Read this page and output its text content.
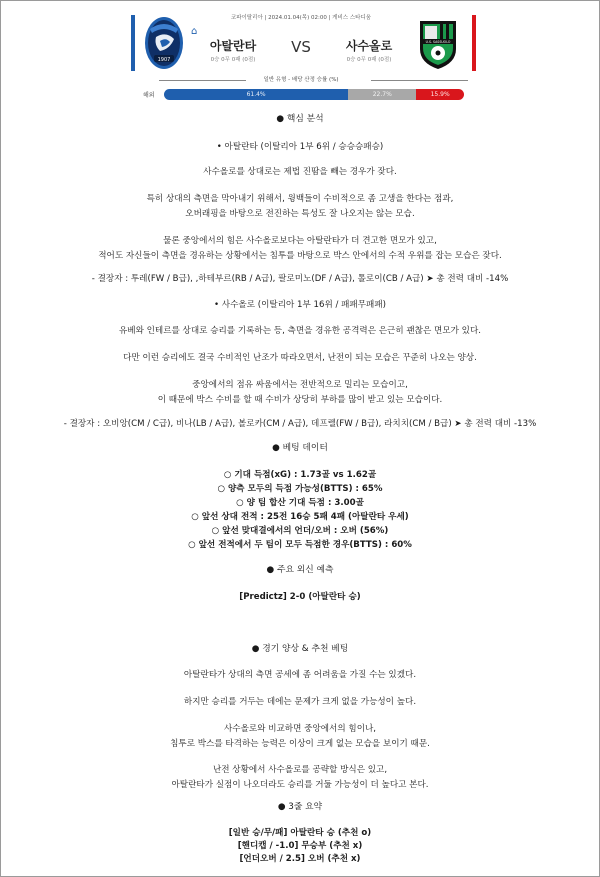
1907
⌂
코파이탈리아 | 2024.01.04(목) 02:00 | 게비스 스타디움
아탈란타	VS	사수올로
0승 0무 0패 (0점)	0승 0무 0패 (0점)
U.S. SASSUOLO
일반 유형 - 배당 산정 승률 (%)
해외	61.4%	22.7%	15.9%
● 핵심 분석
• 아탈란타 (이탈리아 1부 6위 / 승승승패승)
사수올로를 상대로는 제법 진땀을 빼는 경우가 잦다.
특히 상대의 측면을 막아내기 위해서, 윙백들이 수비적으로 좀 고생을 한다는 점과,
오버래핑을 바탕으로 전진하는 특성도 잘 나오지는 않는 모습.
물론 중앙에서의 힘은 사수올로보다는 아탈란타가 더 견고한 면모가 있고,
적어도 자신들이 측면을 경유하는 상황에서는 침투를 바탕으로 박스 안에서의 수적 우위를 잡는 모습은 잦다.
- 결장자 : 투레(FW / B급), ,하테부르(RB / A급), 팔로미노(DF / A급), 톨로이(CB / A급) ➤ 총 전력 대비 -14%
• 사수올로 (이탈리아 1부 16위 / 패패무패패)
유베와 인테르를 상대로 승리를 기록하는 등, 측면을 경유한 공격력은 은근히 괜찮은 면모가 있다.
다만 이런 승리에도 결국 수비적인 난조가 따라오면서, 난전이 되는 모습은 꾸준히 나오는 양상.
중앙에서의 점유 싸움에서는 전반적으로 밀리는 모습이고,
이 때문에 박스 수비를 할 때 수비가 상당히 부하를 많이 받고 있는 모습이다.
- 결장자 : 오비앙(CM / C급), 비나(LB / A급), 볼로카(CM / A급), 데프렐(FW / B급), 라치치(CM / B급) ➤ 총 전력 대비 -13%
● 베팅 데이터
○ 기대 득점(xG) : 1.73골 vs 1.62골
○ 양측 모두의 득점 가능성(BTTS) : 65%
○ 양 팀 합산 기대 득점 : 3.00골
○ 앞선 상대 전적 : 25전 16승 5패 4패 (아탈란타 우세)
○ 앞선 맞대결에서의 언더/오버 : 오버 (56%)
○ 앞선 전적에서 두 팀이 모두 득점한 경우(BTTS) : 60%
● 주요 외신 예측
[Predictz] 2-0 (아탈란타 승)
● 경기 양상 & 추천 베팅
아탈란타가 상대의 측면 공세에 좀 어려움을 가질 수는 있겠다.
하지만 승리를 거두는 데에는 문제가 크게 없을 가능성이 높다.
사수올로와 비교하면 중앙에서의 힘이나,
침투로 박스를 타격하는 능력은 이상이 크게 없는 모습을 보이기 때문.
난전 상황에서 사수올로를 공략할 방식은 있고,
아탈란타가 실점이 나오더라도 승리를 거둘 가능성이 더 높다고 본다.
● 3줄 요약
[일반 승/무/패] 아탈란타 승 (추천 o)
[핸디캡 / -1.0] 무승부 (추천 x)
[언더오버 / 2.5] 오버 (추천 x)
